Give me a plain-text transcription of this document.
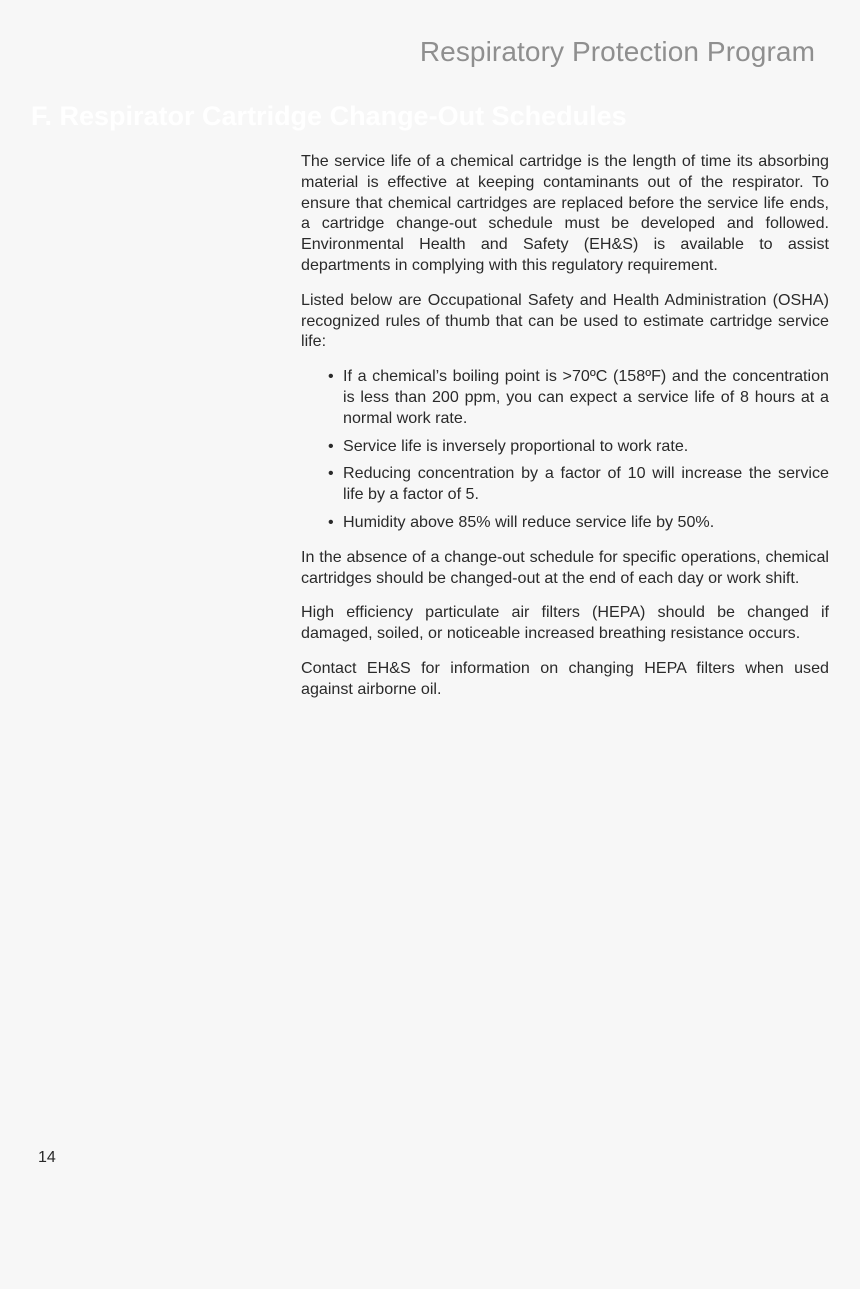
Respiratory Protection Program
F. Respirator Cartridge Change-Out Schedules

The service life of a chemical cartridge is the length of time its absorbing material is effective at keeping contaminants out of the respirator. To ensure that chemical cartridges are replaced before the service life ends, a cartridge change-out schedule must be developed and followed. Environmental Health and Safety (EH&S) is available to assist departments in complying with this regulatory requirement.

Listed below are Occupational Safety and Health Administration (OSHA) recognized rules of thumb that can be used to estimate cartridge service life:

• If a chemical’s boiling point is >70ºC (158ºF) and the concentration is less than 200 ppm, you can expect a service life of 8 hours at a normal work rate.
• Service life is inversely proportional to work rate.
• Reducing concentration by a factor of 10 will increase the service life by a factor of 5.
• Humidity above 85% will reduce service life by 50%.

In the absence of a change-out schedule for specific operations, chemical cartridges should be changed-out at the end of each day or work shift.

High efficiency particulate air filters (HEPA) should be changed if damaged, soiled, or noticeable increased breathing resistance occurs.

Contact EH&S for information on changing HEPA filters when used against airborne oil.

14
